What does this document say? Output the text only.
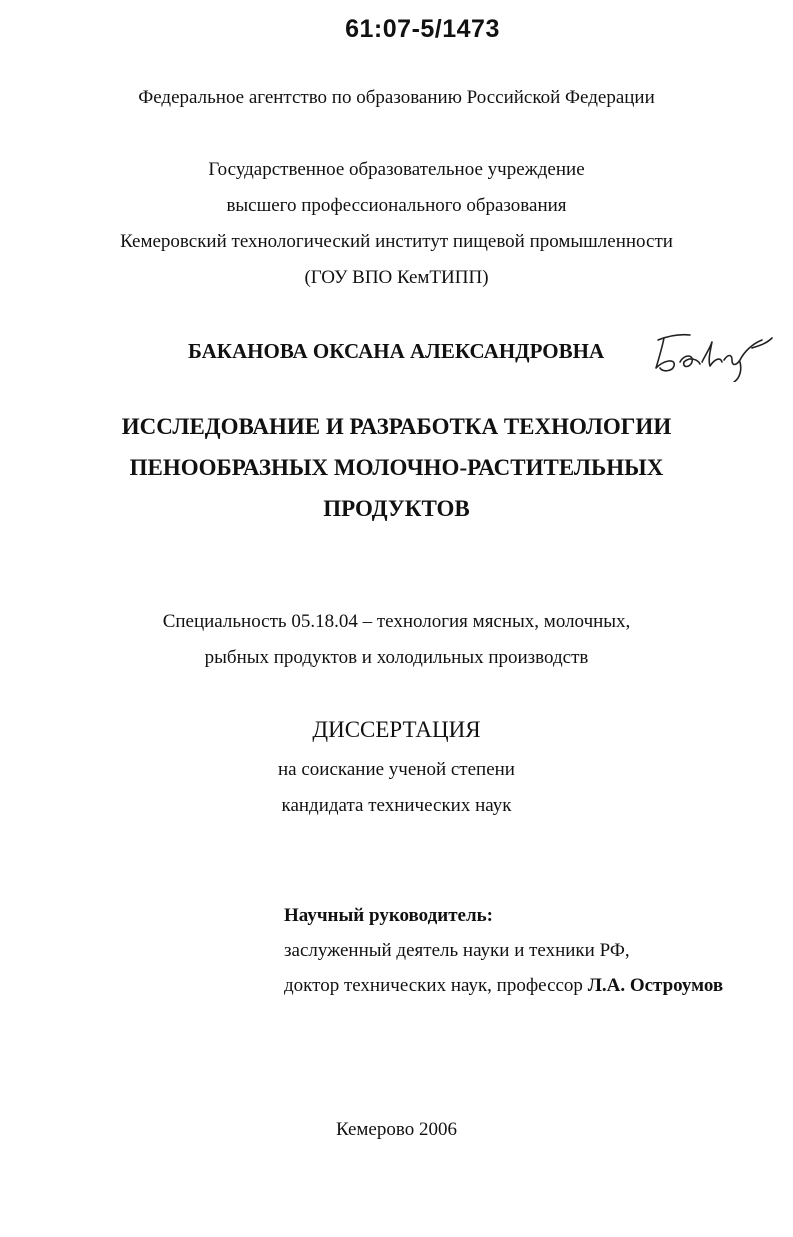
61:07-5/1473
Федеральное агентство по образованию Российской Федерации
Государственное образовательное учреждение
высшего профессионального образования
Кемеровский технологический институт пищевой промышленности
(ГОУ ВПО КемТИПП)
БАКАНОВА ОКСАНА АЛЕКСАНДРОВНА
ИССЛЕДОВАНИЕ И РАЗРАБОТКА ТЕХНОЛОГИИ
ПЕНООБРАЗНЫХ МОЛОЧНО-РАСТИТЕЛЬНЫХ
ПРОДУКТОВ
Специальность 05.18.04 – технология мясных, молочных,
рыбных продуктов и холодильных производств
ДИССЕРТАЦИЯ
на соискание ученой степени
кандидата технических наук
Научный руководитель:
заслуженный деятель науки и техники РФ,
доктор технических наук, профессор Л.А. Остроумов
Кемерово 2006
